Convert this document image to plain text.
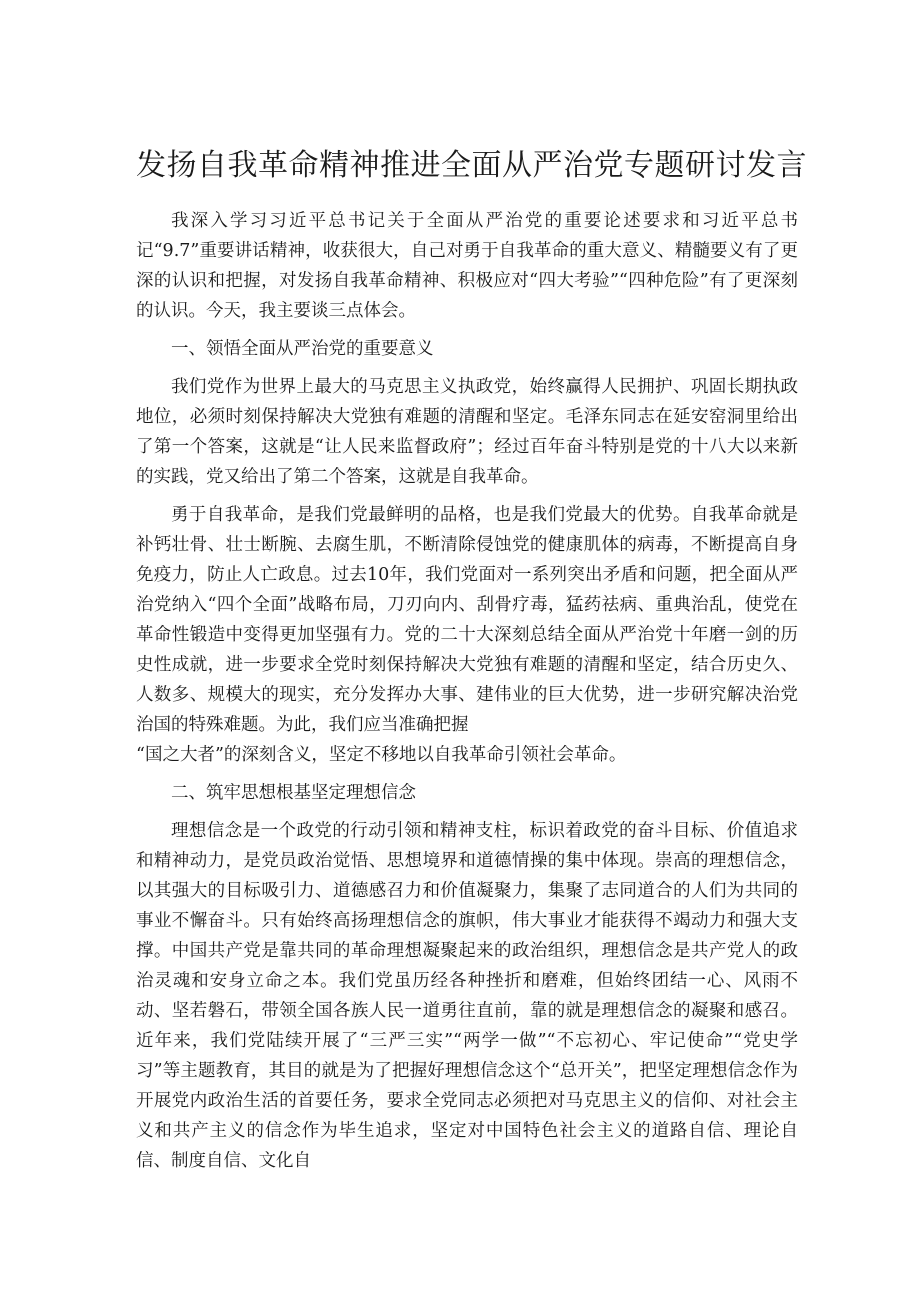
发扬自我革命精神推进全面从严治党专题研讨发言

我深入学习习近平总书记关于全面从严治党的重要论述要求和习近平总书记“9.7”重要讲话精神，收获很大，自己对勇于自我革命的重大意义、精髓要义有了更深的认识和把握，对发扬自我革命精神、积极应对“四大考验”“四种危险”有了更深刻的认识。今天，我主要谈三点体会。

一、领悟全面从严治党的重要意义

我们党作为世界上最大的马克思主义执政党，始终赢得人民拥护、巩固长期执政地位，必须时刻保持解决大党独有难题的清醒和坚定。毛泽东同志在延安窑洞里给出了第一个答案，这就是“让人民来监督政府”；经过百年奋斗特别是党的十八大以来新的实践，党又给出了第二个答案，这就是自我革命。

勇于自我革命，是我们党最鲜明的品格，也是我们党最大的优势。自我革命就是补钙壮骨、壮士断腕、去腐生肌，不断清除侵蚀党的健康肌体的病毒，不断提高自身免疫力，防止人亡政息。过去10年，我们党面对一系列突出矛盾和问题，把全面从严治党纳入“四个全面”战略布局，刀刃向内、刮骨疗毒，猛药祛病、重典治乱，使党在革命性锻造中变得更加坚强有力。党的二十大深刻总结全面从严治党十年磨一剑的历史性成就，进一步要求全党时刻保持解决大党独有难题的清醒和坚定，结合历史久、人数多、规模大的现实，充分发挥办大事、建伟业的巨大优势，进一步研究解决治党治国的特殊难题。为此，我们应当准确把握

“国之大者”的深刻含义，坚定不移地以自我革命引领社会革命。

二、筑牢思想根基坚定理想信念

理想信念是一个政党的行动引领和精神支柱，标识着政党的奋斗目标、价值追求和精神动力，是党员政治觉悟、思想境界和道德情操的集中体现。崇高的理想信念，以其强大的目标吸引力、道德感召力和价值凝聚力，集聚了志同道合的人们为共同的事业不懈奋斗。只有始终高扬理想信念的旗帜，伟大事业才能获得不竭动力和强大支撑。中国共产党是靠共同的革命理想凝聚起来的政治组织，理想信念是共产党人的政治灵魂和安身立命之本。我们党虽历经各种挫折和磨难，但始终团结一心、风雨不动、坚若磐石，带领全国各族人民一道勇往直前，靠的就是理想信念的凝聚和感召。近年来，我们党陆续开展了“三严三实”“两学一做”“不忘初心、牢记使命”“党史学习”等主题教育，其目的就是为了把握好理想信念这个“总开关”，把坚定理想信念作为开展党内政治生活的首要任务，要求全党同志必须把对马克思主义的信仰、对社会主义和共产主义的信念作为毕生追求，坚定对中国特色社会主义的道路自信、理论自信、制度自信、文化自
